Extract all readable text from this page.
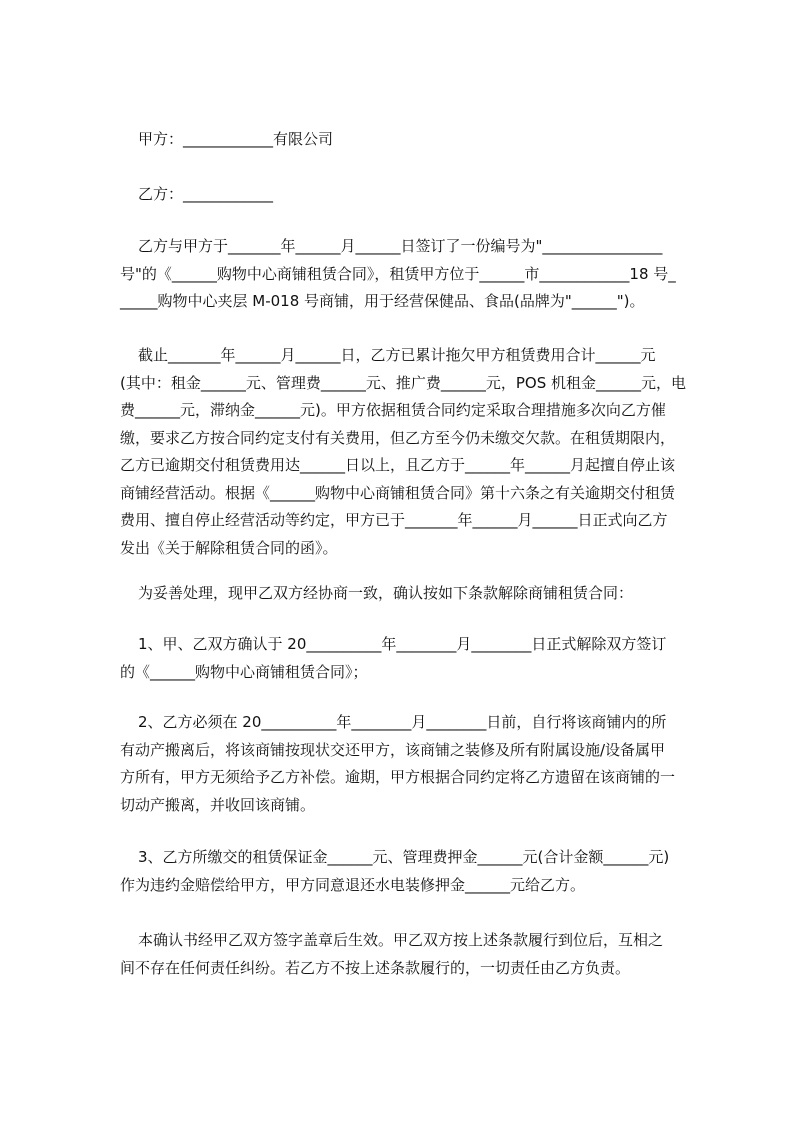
甲方：____________有限公司
乙方：____________
乙方与甲方于_______年______月______日签订了一份编号为"________________
号"的《______购物中心商铺租赁合同》，租赁甲方位于______市____________18 号_
_____购物中心夹层 M-018 号商铺，用于经营保健品、食品(品牌为"______")。
截止_______年______月______日，乙方已累计拖欠甲方租赁费用合计______元
(其中：租金______元、管理费______元、推广费______元，POS 机租金______元，电
费______元，滞纳金______元)。甲方依据租赁合同约定采取合理措施多次向乙方催
缴，要求乙方按合同约定支付有关费用，但乙方至今仍未缴交欠款。在租赁期限内，
乙方已逾期交付租赁费用达______日以上，且乙方于______年______月起擅自停止该
商铺经营活动。根据《______购物中心商铺租赁合同》第十六条之有关逾期交付租赁
费用、擅自停止经营活动等约定，甲方已于_______年______月______日正式向乙方
发出《关于解除租赁合同的函》。
为妥善处理，现甲乙双方经协商一致，确认按如下条款解除商铺租赁合同：
1、甲、乙双方确认于 20__________年________月________日正式解除双方签订
的《______购物中心商铺租赁合同》；
2、乙方必须在 20__________年________月________日前，自行将该商铺内的所
有动产搬离后，将该商铺按现状交还甲方，该商铺之装修及所有附属设施/设备属甲
方所有，甲方无须给予乙方补偿。逾期，甲方根据合同约定将乙方遗留在该商铺的一
切动产搬离，并收回该商铺。
3、乙方所缴交的租赁保证金______元、管理费押金______元(合计金额______元)
作为违约金赔偿给甲方，甲方同意退还水电装修押金______元给乙方。
本确认书经甲乙双方签字盖章后生效。甲乙双方按上述条款履行到位后，互相之
间不存在任何责任纠纷。若乙方不按上述条款履行的，一切责任由乙方负责。
